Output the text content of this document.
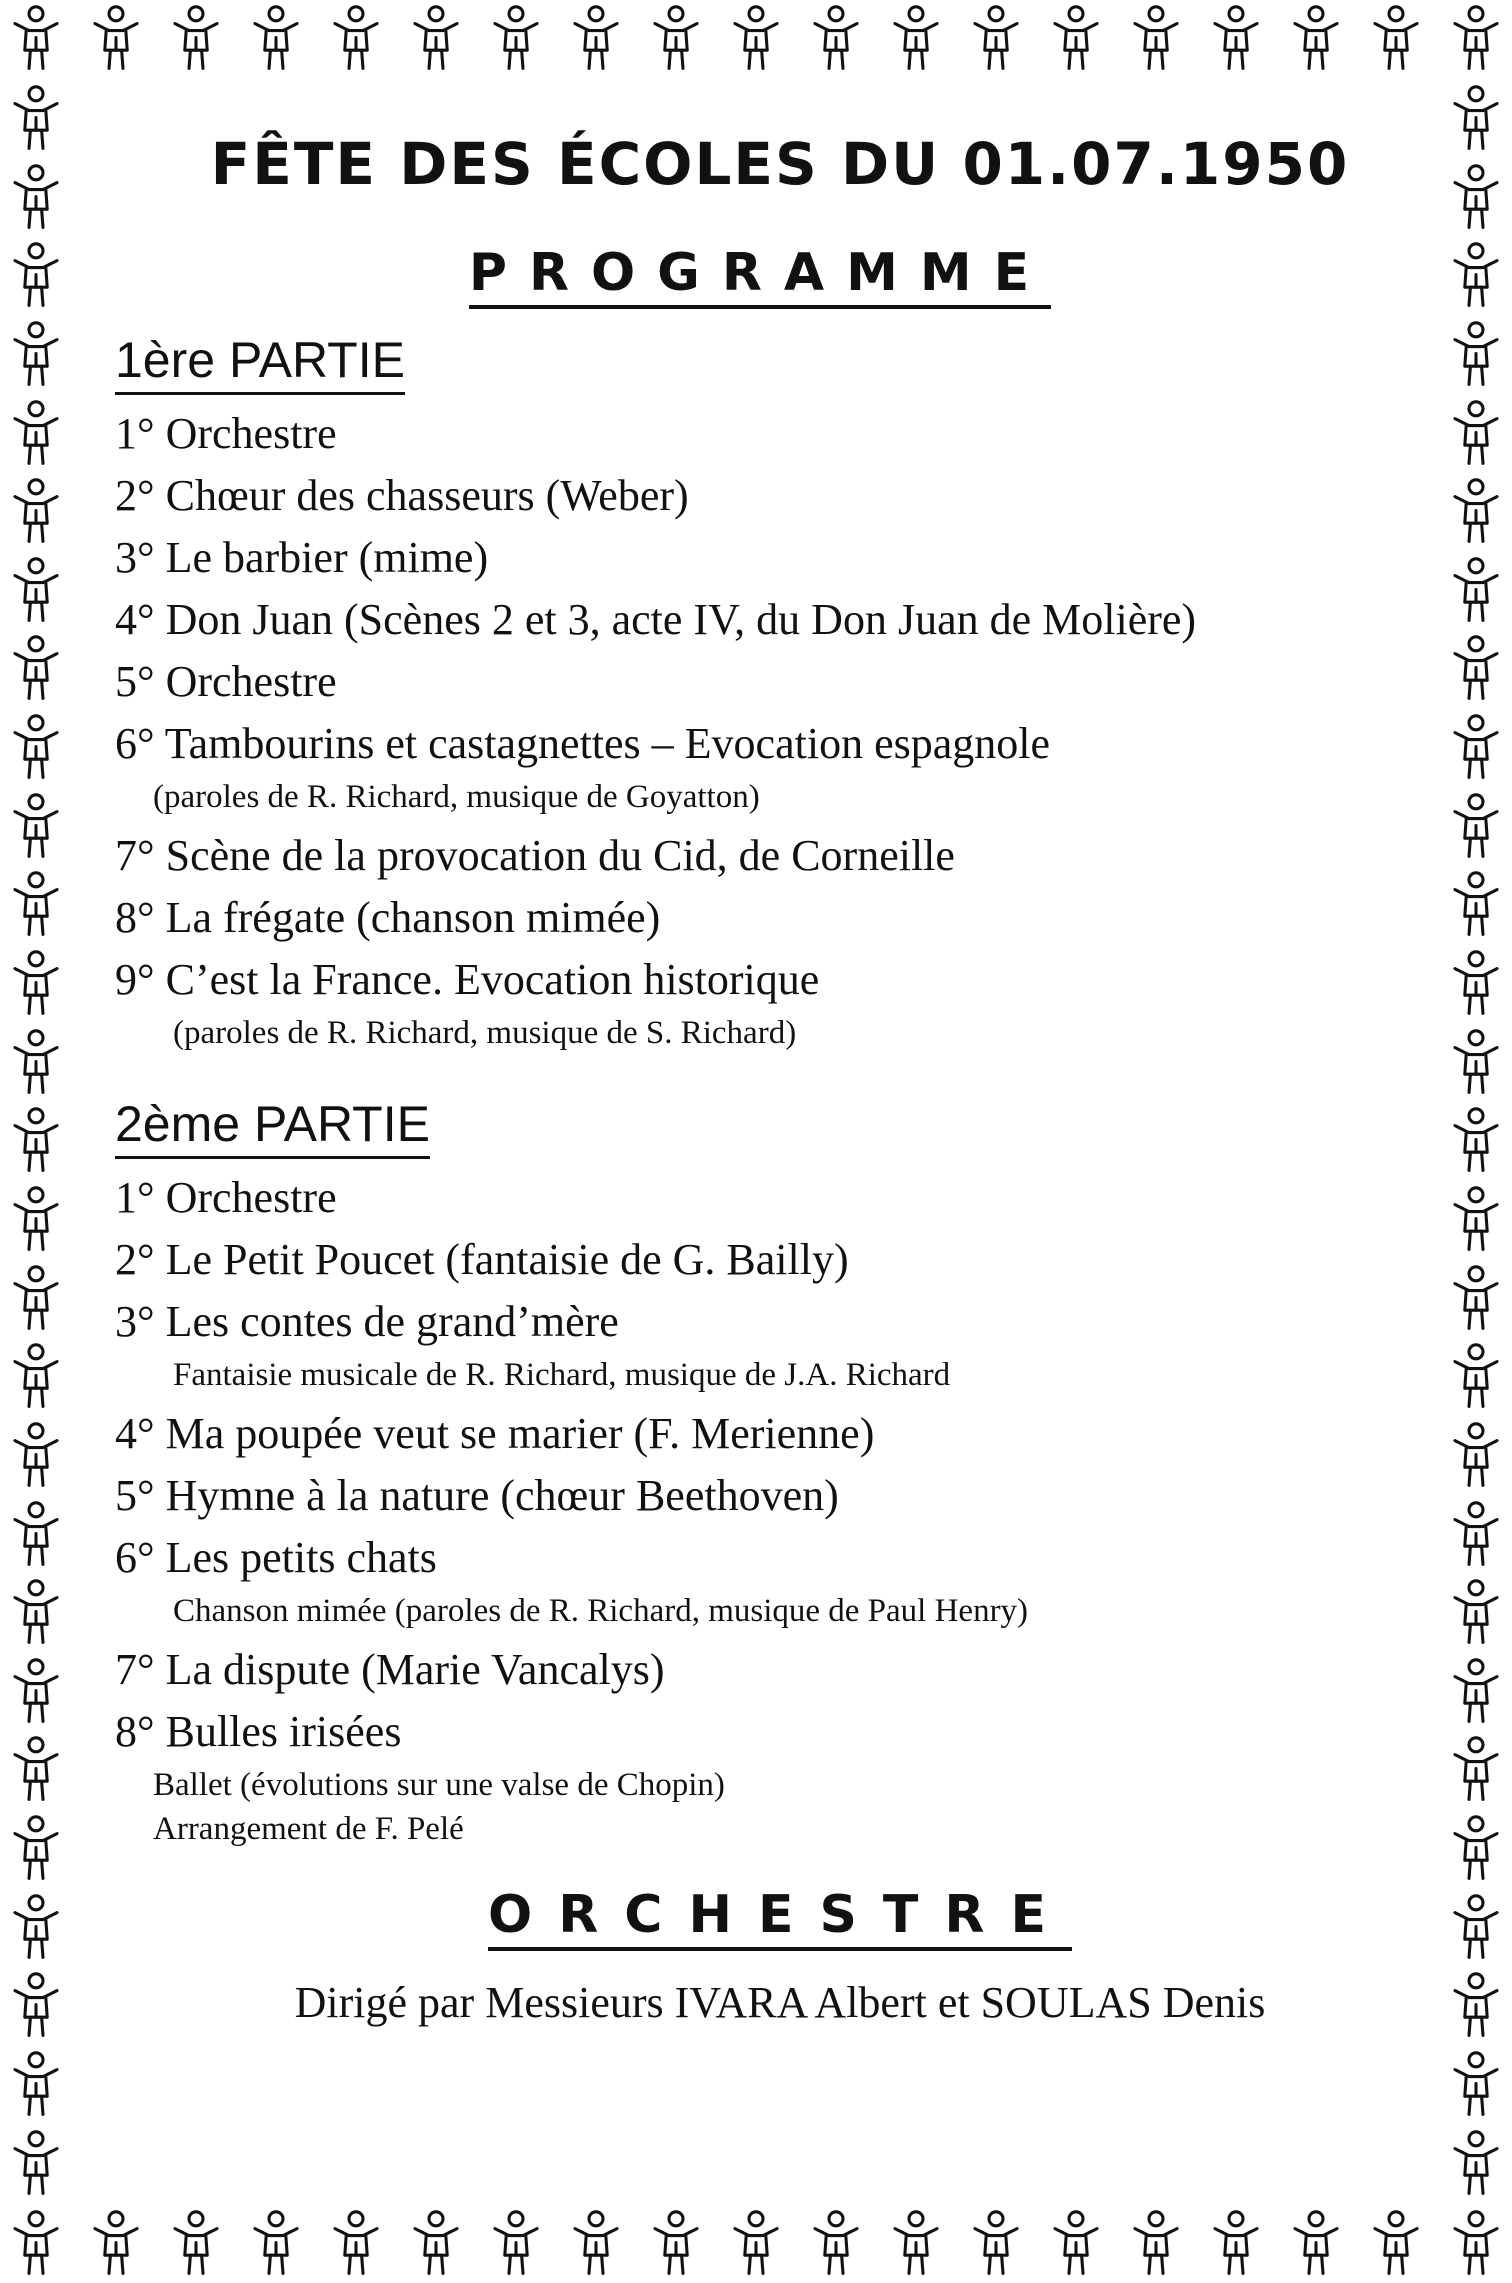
FÊTE DES ÉCOLES DU 01.07.1950
PROGRAMME
1ère PARTIE
1° Orchestre
2° Chœur des chasseurs (Weber)
3° Le barbier (mime)
4° Don Juan (Scènes 2 et 3, acte IV, du Don Juan de Molière)
5° Orchestre
6° Tambourins et castagnettes – Evocation espagnole
(paroles de R. Richard, musique de Goyatton)
7° Scène de la provocation du Cid, de Corneille
8° La frégate (chanson mimée)
9° C’est la France. Evocation historique
(paroles de R. Richard, musique de S. Richard)
2ème PARTIE
1° Orchestre
2° Le Petit Poucet (fantaisie de G. Bailly)
3° Les contes de grand’mère
Fantaisie musicale de R. Richard, musique de J.A. Richard
4° Ma poupée veut se marier (F. Merienne)
5° Hymne à la nature (chœur Beethoven)
6° Les petits chats
Chanson mimée (paroles de R. Richard, musique de Paul Henry)
7° La dispute (Marie Vancalys)
8° Bulles irisées
Ballet (évolutions sur une valse de Chopin)
Arrangement de F. Pelé
ORCHESTRE
Dirigé par Messieurs IVARA Albert et SOULAS Denis
